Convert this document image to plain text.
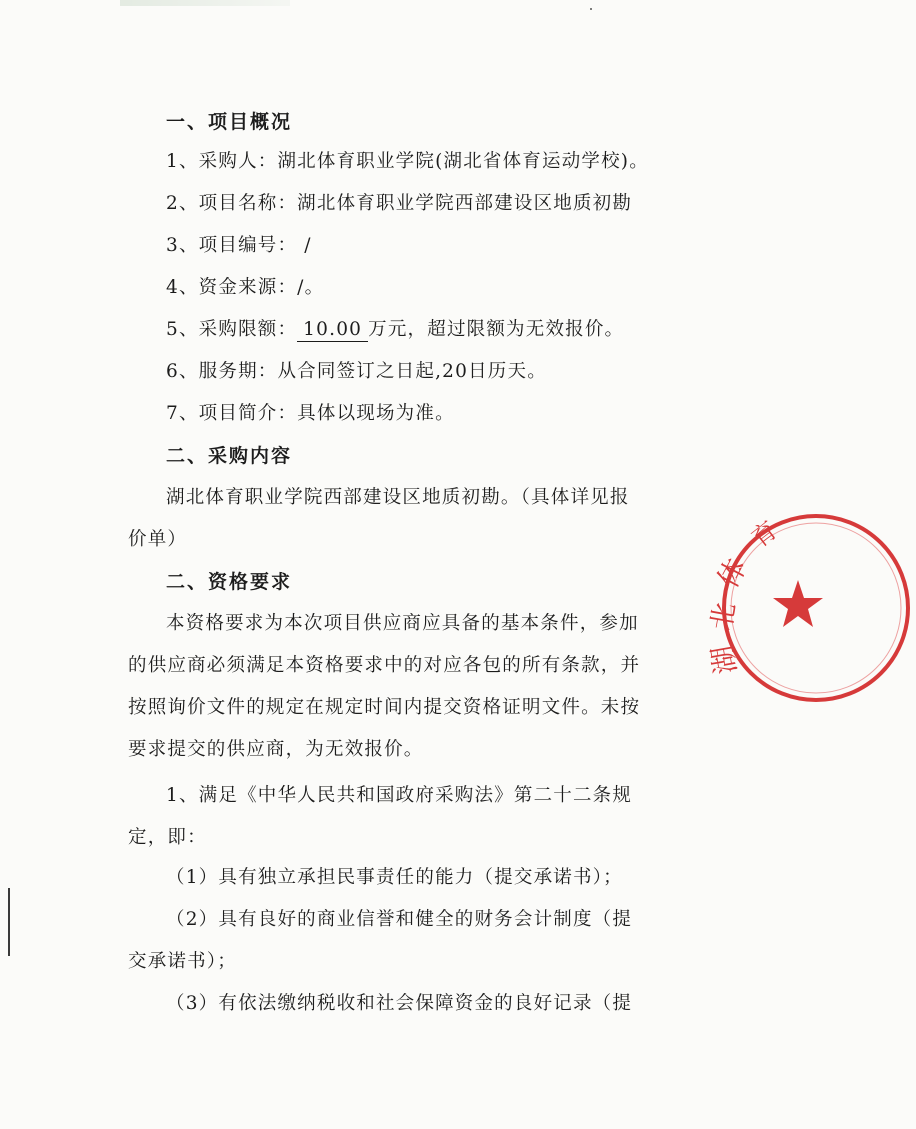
一、项目概况
1、采购人：湖北体育职业学院(湖北省体育运动学校)。
2、项目名称：湖北体育职业学院西部建设区地质初勘
3、项目编号： /
4、资金来源：/。
5、采购限额： 10.00 万元，超过限额为无效报价。
6、服务期：从合同签订之日起,20日历天。
7、项目简介：具体以现场为准。
二、采购内容
湖北体育职业学院西部建设区地质初勘。（具体详见报
价单）
二、资格要求
本资格要求为本次项目供应商应具备的基本条件，参加
的供应商必须满足本资格要求中的对应各包的所有条款，并
按照询价文件的规定在规定时间内提交资格证明文件。未按
要求提交的供应商，为无效报价。
1、满足《中华人民共和国政府采购法》第二十二条规
定，即：
（1）具有独立承担民事责任的能力（提交承诺书）；
（2）具有良好的商业信誉和健全的财务会计制度（提
交承诺书）；
（3）有依法缴纳税收和社会保障资金的良好记录（提
育
体
北
湖
